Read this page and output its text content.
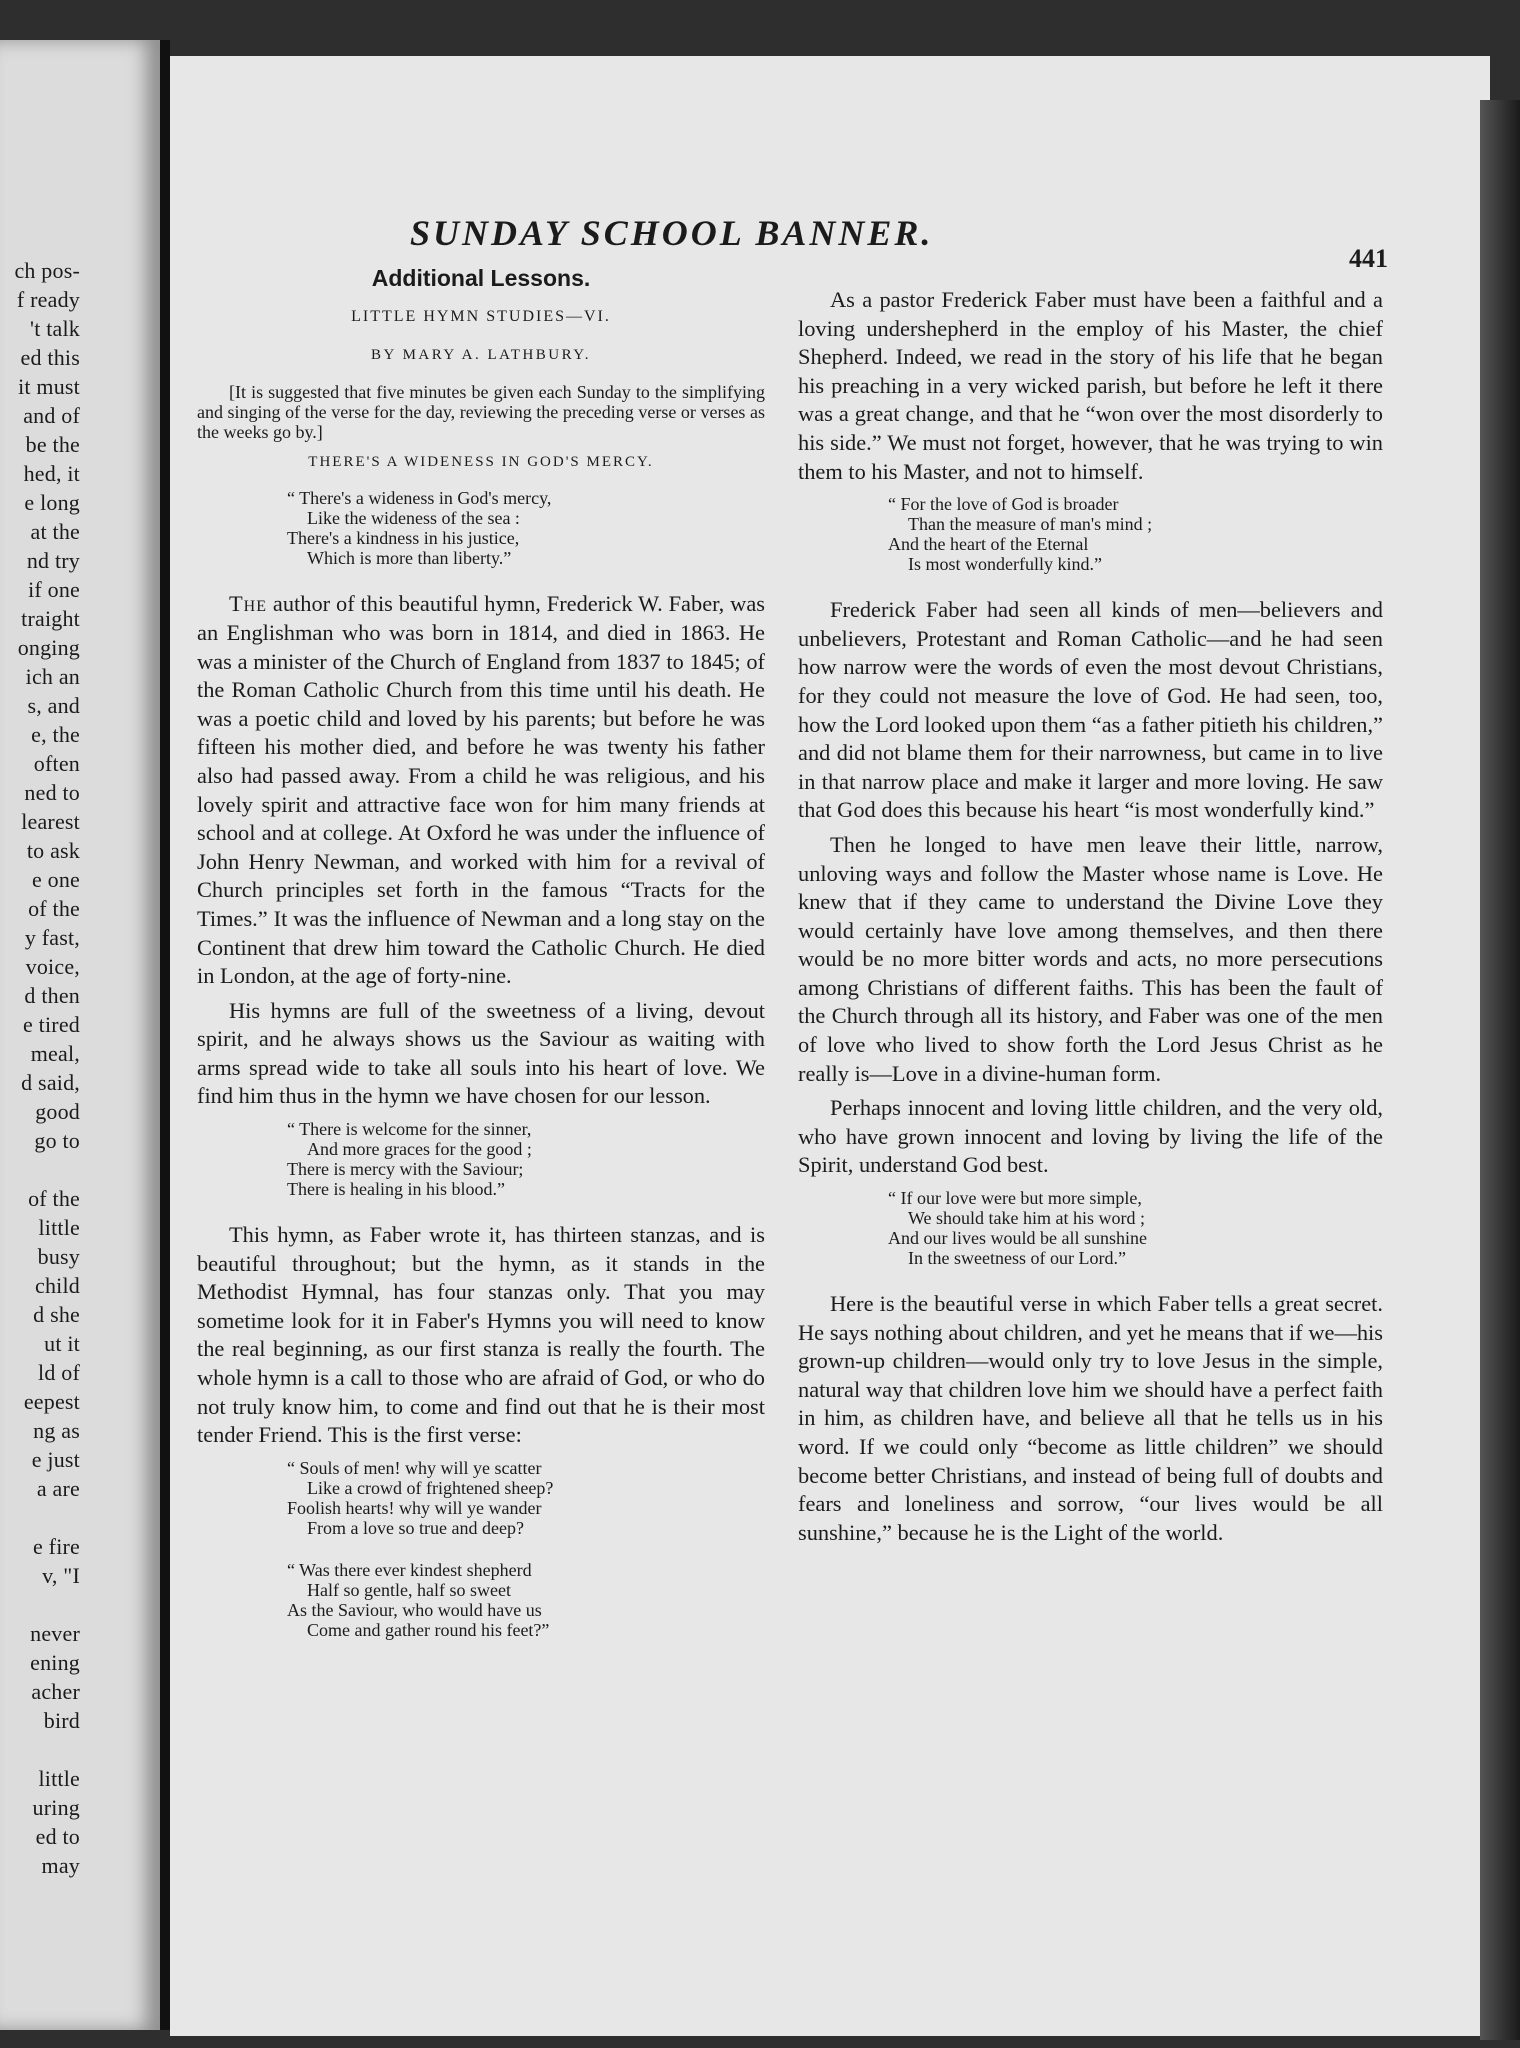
ch pos-
f ready
't talk
ed this
it must
and of
be the
hed, it
e long
at the
nd try
if one
traight
onging
ich an
s, and
e, the
often
ned to
learest
to ask
e one
of the
y fast,
voice,
d then
e tired
meal,
d said,
good
go to
of the
little
busy
child
d she
ut it
ld of
eepest
ng as
e just
a are
e fire
v, "I
never
ening
acher
bird
little
uring
ed to
may
SUNDAY SCHOOL BANNER.
441
Additional Lessons.
LITTLE HYMN STUDIES—VI.
BY MARY A. LATHBURY.

[It is suggested that five minutes be given each Sunday to the simplifying and singing of the verse for the day, reviewing the preceding verse or verses as the weeks go by.]

THERE'S A WIDENESS IN GOD'S MERCY.
“ There's a wideness in God's mercy,
Like the wideness of the sea :
There's a kindness in his justice,
Which is more than liberty.”

The author of this beautiful hymn, Frederick W. Faber, was an Englishman who was born in 1814, and died in 1863. He was a minister of the Church of England from 1837 to 1845; of the Roman Catholic Church from this time until his death. He was a poetic child and loved by his parents; but before he was fifteen his mother died, and before he was twenty his father also had passed away. From a child he was religious, and his lovely spirit and attractive face won for him many friends at school and at college. At Oxford he was under the influence of John Henry Newman, and worked with him for a revival of Church principles set forth in the famous “Tracts for the Times.” It was the influence of Newman and a long stay on the Continent that drew him toward the Catholic Church. He died in London, at the age of forty-nine.

His hymns are full of the sweetness of a living, devout spirit, and he always shows us the Saviour as waiting with arms spread wide to take all souls into his heart of love. We find him thus in the hymn we have chosen for our lesson.

“ There is welcome for the sinner,
And more graces for the good ;
There is mercy with the Saviour;
There is healing in his blood.”

This hymn, as Faber wrote it, has thirteen stanzas, and is beautiful throughout; but the hymn, as it stands in the Methodist Hymnal, has four stanzas only. That you may sometime look for it in Faber's Hymns you will need to know the real beginning, as our first stanza is really the fourth. The whole hymn is a call to those who are afraid of God, or who do not truly know him, to come and find out that he is their most tender Friend. This is the first verse:

“ Souls of men! why will ye scatter
Like a crowd of frightened sheep?
Foolish hearts! why will ye wander
From a love so true and deep?
“ Was there ever kindest shepherd
Half so gentle, half so sweet
As the Saviour, who would have us
Come and gather round his feet?”

As a pastor Frederick Faber must have been a faithful and a loving undershepherd in the employ of his Master, the chief Shepherd. Indeed, we read in the story of his life that he began his preaching in a very wicked parish, but before he left it there was a great change, and that he “won over the most disorderly to his side.” We must not forget, however, that he was trying to win them to his Master, and not to himself.

“ For the love of God is broader
Than the measure of man's mind ;
And the heart of the Eternal
Is most wonderfully kind.”

Frederick Faber had seen all kinds of men—believers and unbelievers, Protestant and Roman Catholic—and he had seen how narrow were the words of even the most devout Christians, for they could not measure the love of God. He had seen, too, how the Lord looked upon them “as a father pitieth his children,” and did not blame them for their narrowness, but came in to live in that narrow place and make it larger and more loving. He saw that God does this because his heart “is most wonderfully kind.”

Then he longed to have men leave their little, narrow, unloving ways and follow the Master whose name is Love. He knew that if they came to understand the Divine Love they would certainly have love among themselves, and then there would be no more bitter words and acts, no more persecutions among Christians of different faiths. This has been the fault of the Church through all its history, and Faber was one of the men of love who lived to show forth the Lord Jesus Christ as he really is—Love in a divine-human form.

Perhaps innocent and loving little children, and the very old, who have grown innocent and loving by living the life of the Spirit, understand God best.

“ If our love were but more simple,
We should take him at his word ;
And our lives would be all sunshine
In the sweetness of our Lord.”

Here is the beautiful verse in which Faber tells a great secret. He says nothing about children, and yet he means that if we—his grown-up children—would only try to love Jesus in the simple, natural way that children love him we should have a perfect faith in him, as children have, and believe all that he tells us in his word. If we could only “become as little children” we should become better Christians, and instead of being full of doubts and fears and loneliness and sorrow, “our lives would be all sunshine,” because he is the Light of the world.
